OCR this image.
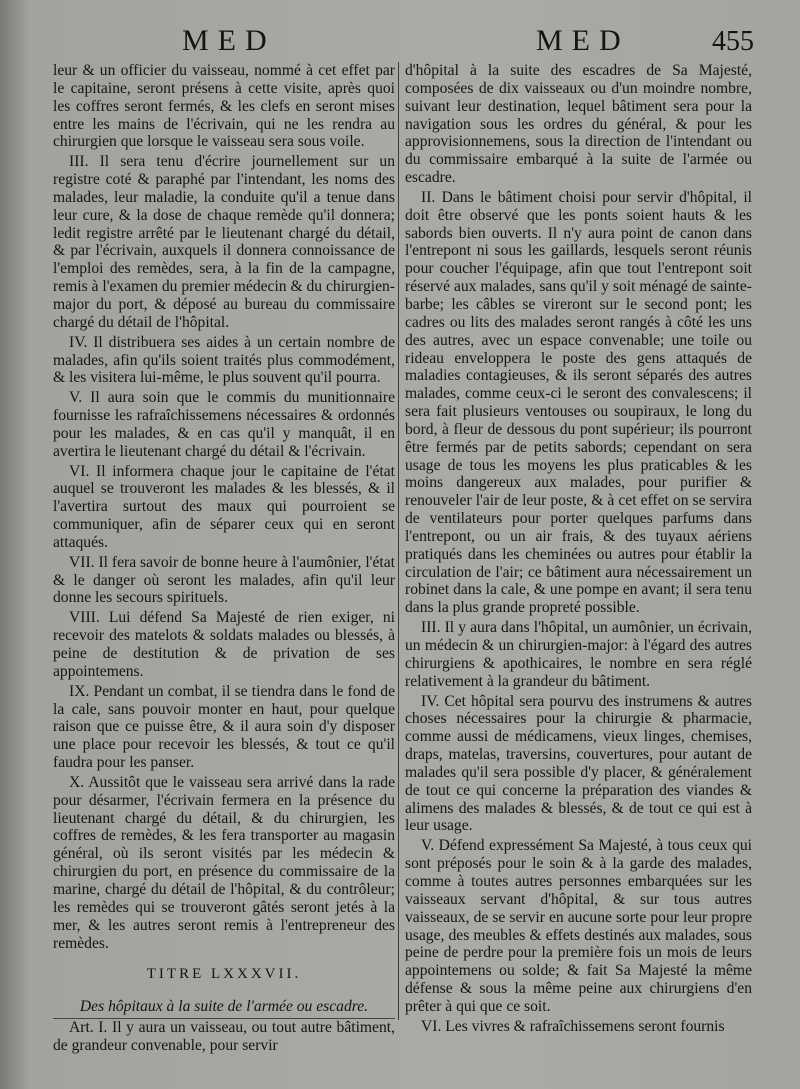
MED	MED	455

leur & un officier du vaisseau, nommé à cet effet par le capitaine, seront présens à cette visite, après quoi les coffres seront fermés, & les clefs en seront mises entre les mains de l'écrivain, qui ne les rendra au chirurgien que lorsque le vaisseau sera sous voile.

III. Il sera tenu d'écrire journellement sur un registre coté & paraphé par l'intendant, les noms des malades, leur maladie, la conduite qu'il a tenue dans leur cure, & la dose de chaque remède qu'il donnera; ledit registre arrêté par le lieutenant chargé du détail, & par l'écrivain, auxquels il donnera connoissance de l'emploi des remèdes, sera, à la fin de la campagne, remis à l'examen du premier médecin & du chirurgien-major du port, & déposé au bureau du commissaire chargé du détail de l'hôpital.

IV. Il distribuera ses aides à un certain nombre de malades, afin qu'ils soient traités plus commodément, & les visitera lui-même, le plus souvent qu'il pourra.

V. Il aura soin que le commis du munitionnaire fournisse les rafraîchissemens nécessaires & ordonnés pour les malades, & en cas qu'il y manquât, il en avertira le lieutenant chargé du détail & l'écrivain.

VI. Il informera chaque jour le capitaine de l'état auquel se trouveront les malades & les blessés, & il l'avertira surtout des maux qui pourroient se communiquer, afin de séparer ceux qui en seront attaqués.

VII. Il fera savoir de bonne heure à l'aumônier, l'état & le danger où seront les malades, afin qu'il leur donne les secours spirituels.

VIII. Lui défend Sa Majesté de rien exiger, ni recevoir des matelots & soldats malades ou blessés, à peine de destitution & de privation de ses appointemens.

IX. Pendant un combat, il se tiendra dans le fond de la cale, sans pouvoir monter en haut, pour quelque raison que ce puisse être, & il aura soin d'y disposer une place pour recevoir les blessés, & tout ce qu'il faudra pour les panser.

X. Aussitôt que le vaisseau sera arrivé dans la rade pour désarmer, l'écrivain fermera en la présence du lieutenant chargé du détail, & du chirurgien, les coffres de remèdes, & les fera transporter au magasin général, où ils seront visités par les médecin & chirurgien du port, en présence du commissaire de la marine, chargé du détail de l'hôpital, & du contrôleur; les remèdes qui se trouveront gâtés seront jetés à la mer, & les autres seront remis à l'entrepreneur des remèdes.

TITRE LXXXVII.

Des hôpitaux à la suite de l'armée ou escadre.

Art. I. Il y aura un vaisseau, ou tout autre bâtiment, de grandeur convenable, pour servir

d'hôpital à la suite des escadres de Sa Majesté, composées de dix vaisseaux ou d'un moindre nombre, suivant leur destination, lequel bâtiment sera pour la navigation sous les ordres du général, & pour les approvisionnemens, sous la direction de l'intendant ou du commissaire embarqué à la suite de l'armée ou escadre.

II. Dans le bâtiment choisi pour servir d'hôpital, il doit être observé que les ponts soient hauts & les sabords bien ouverts. Il n'y aura point de canon dans l'entrepont ni sous les gaillards, lesquels seront réunis pour coucher l'équipage, afin que tout l'entrepont soit réservé aux malades, sans qu'il y soit ménagé de sainte-barbe; les câbles se vireront sur le second pont; les cadres ou lits des malades seront rangés à côté les uns des autres, avec un espace convenable; une toile ou rideau enveloppera le poste des gens attaqués de maladies contagieuses, & ils seront séparés des autres malades, comme ceux-ci le seront des convalescens; il sera fait plusieurs ventouses ou soupiraux, le long du bord, à fleur de dessous du pont supérieur; ils pourront être fermés par de petits sabords; cependant on sera usage de tous les moyens les plus praticables & les moins dangereux aux malades, pour purifier & renouveler l'air de leur poste, & à cet effet on se servira de ventilateurs pour porter quelques parfums dans l'entrepont, ou un air frais, & des tuyaux aériens pratiqués dans les cheminées ou autres pour établir la circulation de l'air; ce bâtiment aura nécessairement un robinet dans la cale, & une pompe en avant; il sera tenu dans la plus grande propreté possible.

III. Il y aura dans l'hôpital, un aumônier, un écrivain, un médecin & un chirurgien-major: à l'égard des autres chirurgiens & apothicaires, le nombre en sera réglé relativement à la grandeur du bâtiment.

IV. Cet hôpital sera pourvu des instrumens & autres choses nécessaires pour la chirurgie & pharmacie, comme aussi de médicamens, vieux linges, chemises, draps, matelas, traversins, couvertures, pour autant de malades qu'il sera possible d'y placer, & généralement de tout ce qui concerne la préparation des viandes & alimens des malades & blessés, & de tout ce qui est à leur usage.

V. Défend expressément Sa Majesté, à tous ceux qui sont préposés pour le soin & à la garde des malades, comme à toutes autres personnes embarquées sur les vaisseaux servant d'hôpital, & sur tous autres vaisseaux, de se servir en aucune sorte pour leur propre usage, des meubles & effets destinés aux malades, sous peine de perdre pour la première fois un mois de leurs appointemens ou solde; & fait Sa Majesté la même défense & sous la même peine aux chirurgiens d'en prêter à qui que ce soit.

VI. Les vivres & rafraîchissemens seront fournis
